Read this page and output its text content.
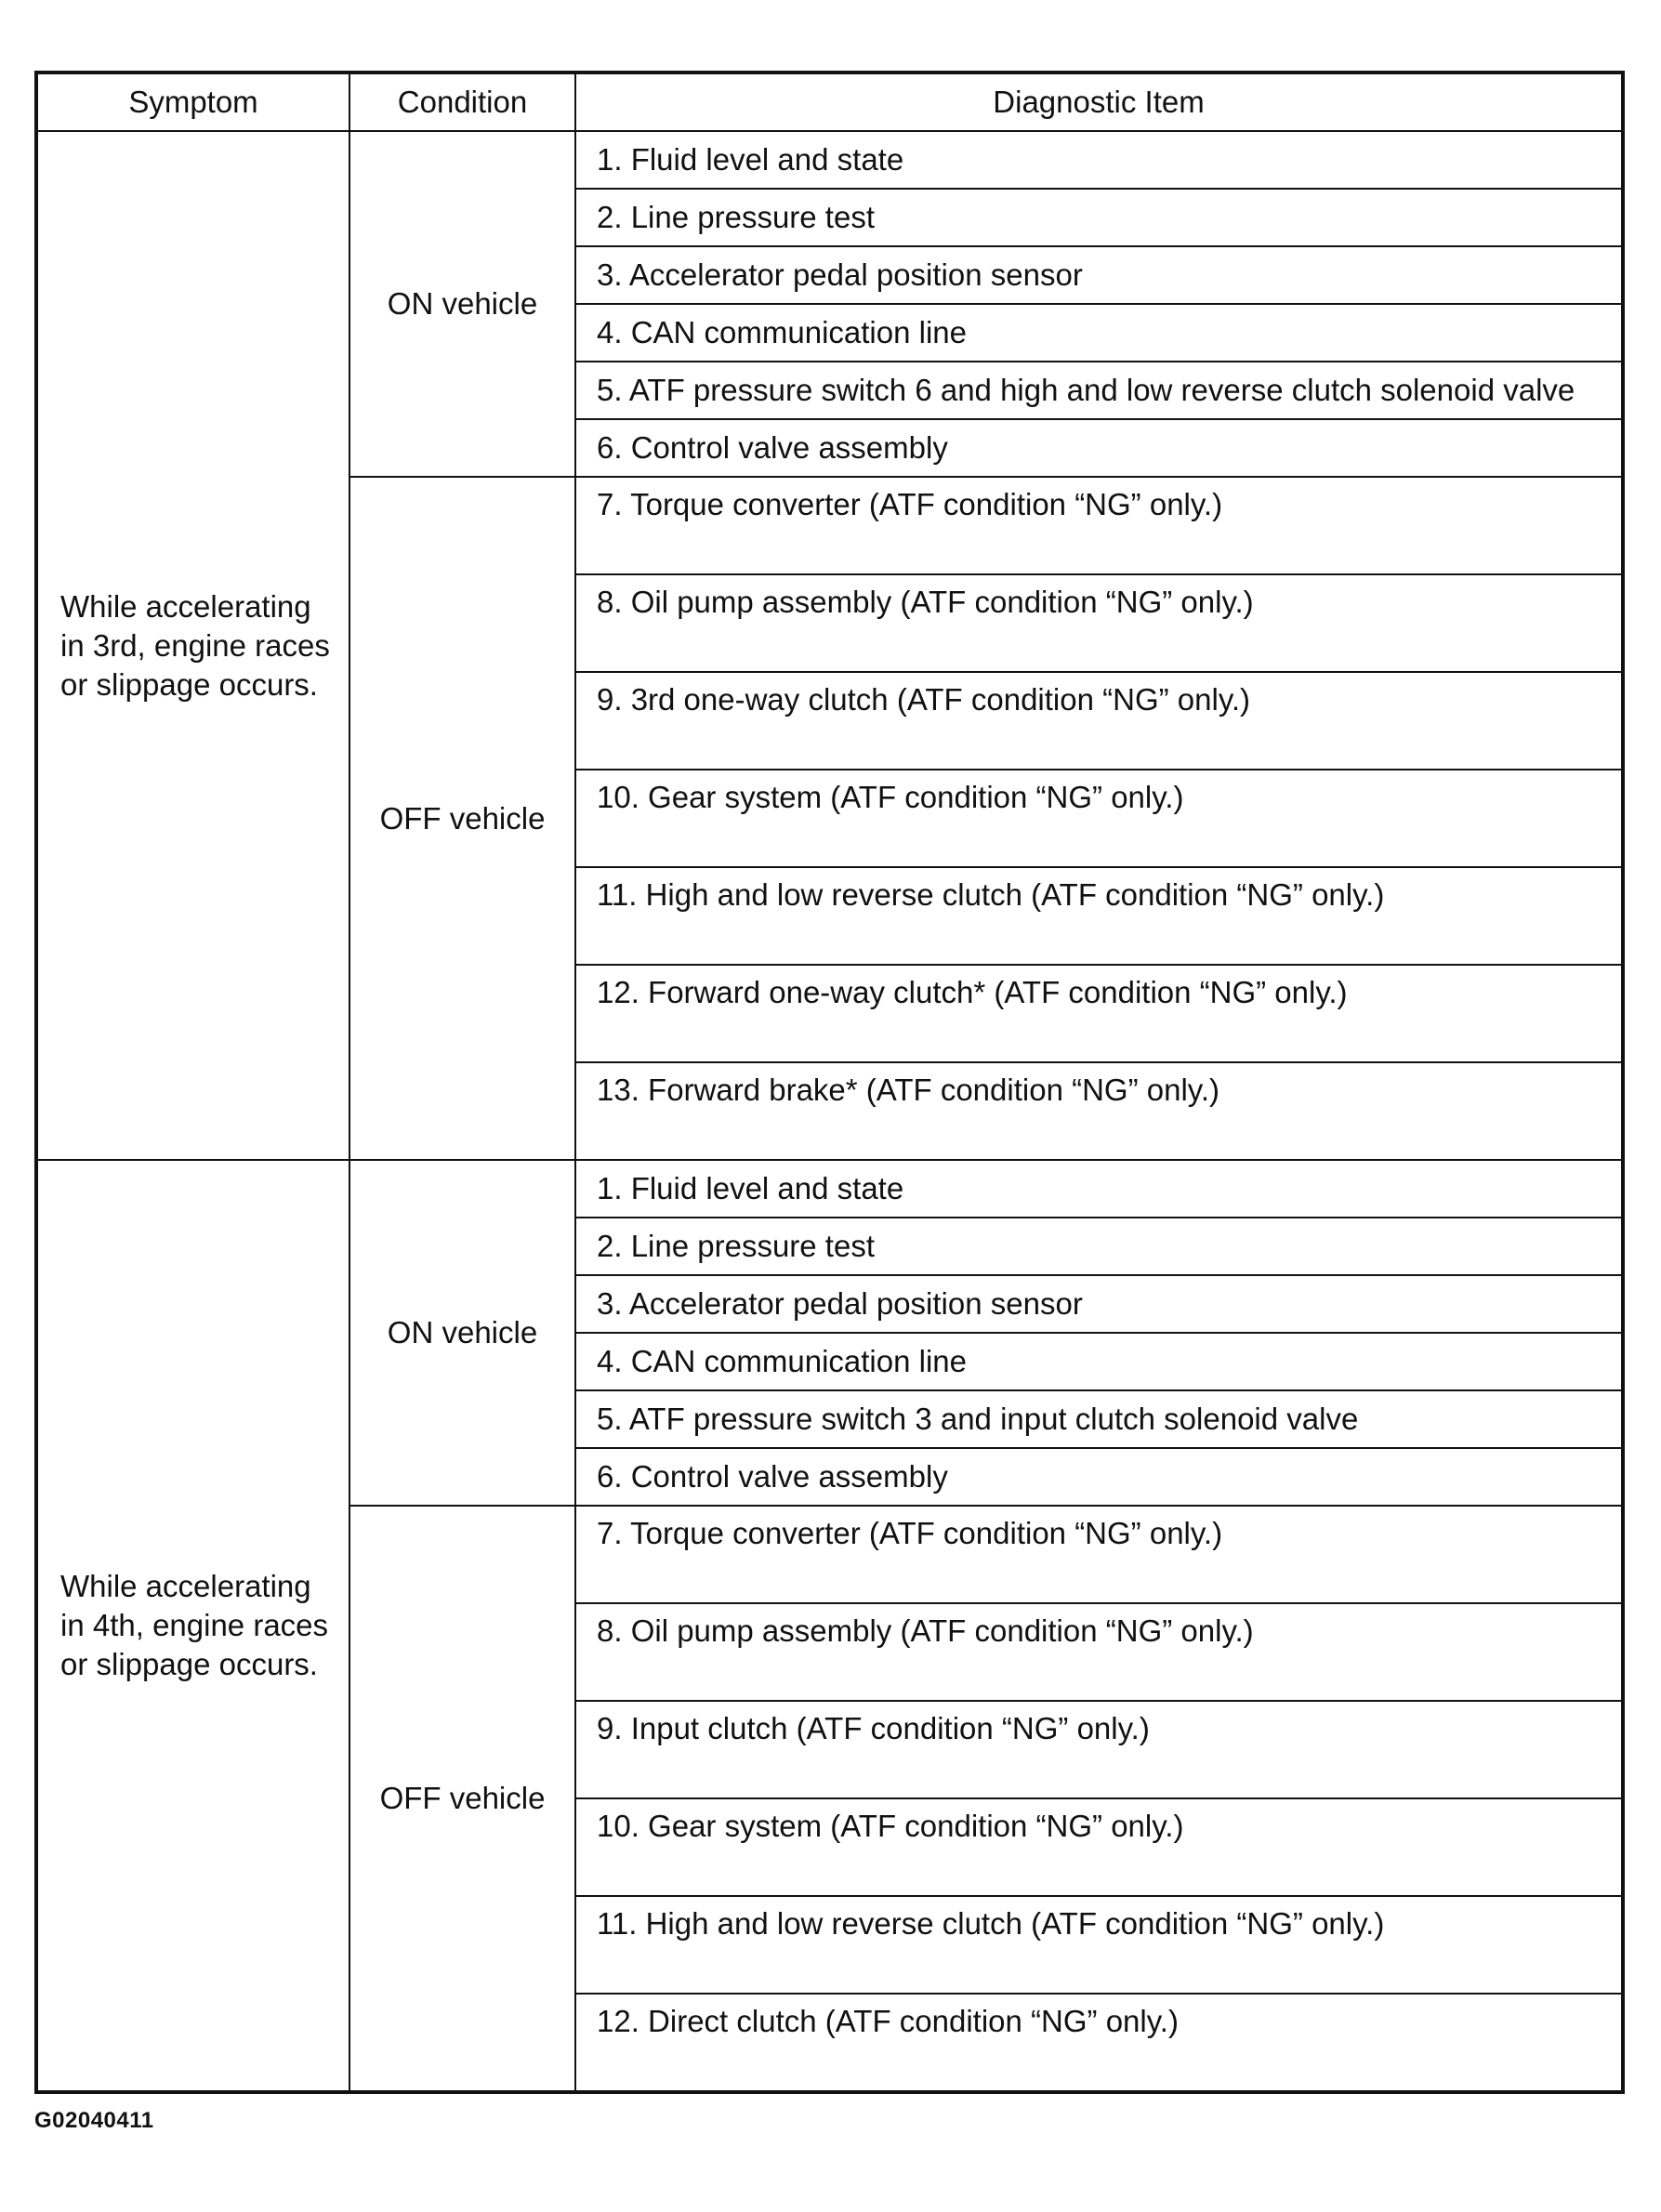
Symptom	Condition	Diagnostic Item

While accelerating
in 3rd, engine races
or slippage occurs.	ON vehicle	1. Fluid level and state
		2. Line pressure test
		3. Accelerator pedal position sensor
		4. CAN communication line
		5. ATF pressure switch 6 and high and low reverse clutch solenoid valve
		6. Control valve assembly
	OFF vehicle	7. Torque converter (ATF condition “NG” only.)

		8. Oil pump assembly (ATF condition “NG” only.)

		9. 3rd one-way clutch (ATF condition “NG” only.)

		10. Gear system (ATF condition “NG” only.)

		11. High and low reverse clutch (ATF condition “NG” only.)

		12. Forward one-way clutch* (ATF condition “NG” only.)

		13. Forward brake* (ATF condition “NG” only.)

While accelerating
in 4th, engine races
or slippage occurs.	ON vehicle	1. Fluid level and state
		2. Line pressure test
		3. Accelerator pedal position sensor
		4. CAN communication line
		5. ATF pressure switch 3 and input clutch solenoid valve
		6. Control valve assembly
	OFF vehicle	7. Torque converter (ATF condition “NG” only.)

		8. Oil pump assembly (ATF condition “NG” only.)

		9. Input clutch (ATF condition “NG” only.)

		10. Gear system (ATF condition “NG” only.)

		11. High and low reverse clutch (ATF condition “NG” only.)

		12. Direct clutch (ATF condition “NG” only.)
G02040411
